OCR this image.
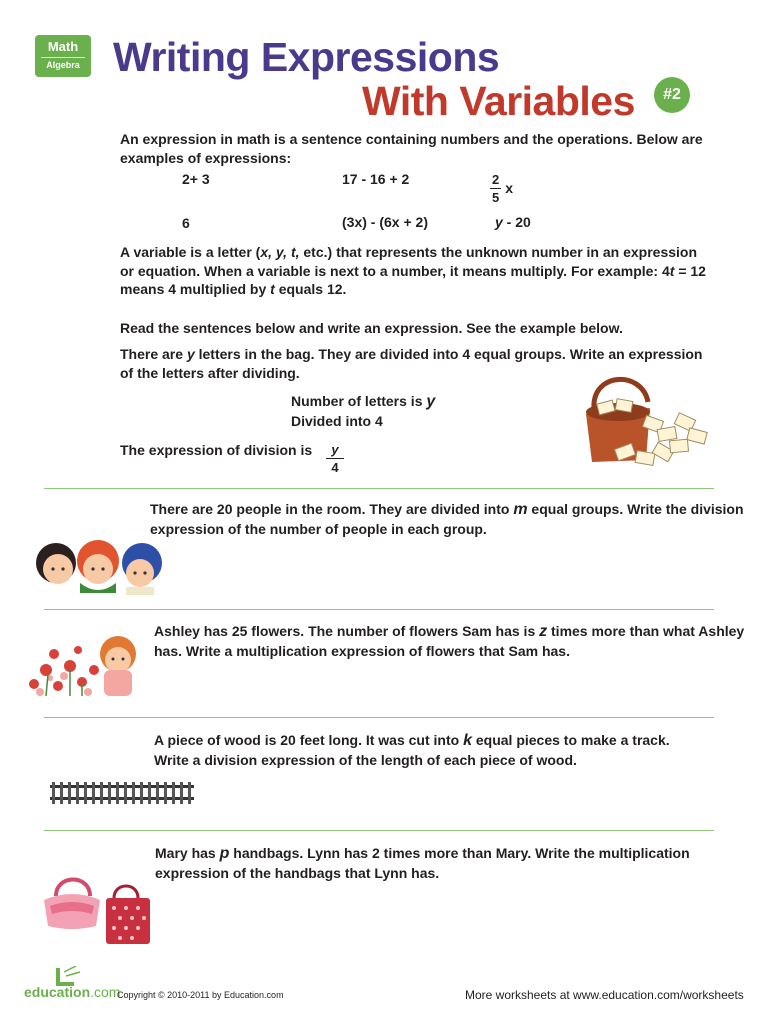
Math
Algebra Writing Expressions
With Variables	#2
An expression in math is a sentence containing numbers and the operations. Below are
examples of expressions:
2+ 3	17 - 16 + 2	$\frac{2}{5}$ x
6	(3x) - (6x + 2)	y - 20
A variable is a letter (x, y, t, etc.) that represents the unknown number in an expression
or equation. When a variable is next to a number, it means multiply. For example: 4t = 12
means 4 multiplied by t equals 12.
Read the sentences below and write an expression. See the example below.
There are y letters in the bag. They are divided into 4 equal groups. Write an expression
of the letters after dividing.
Number of letters is y
Divided into 4
The expression of division is $\frac{y}{4}$
There are 20 people in the room. They are divided into m equal groups. Write the division
expression of the number of people in each group.
Ashley has 25 flowers. The number of flowers Sam has is z times more than what Ashley
has. Write a multiplication expression of flowers that Sam has.
A piece of wood is 20 feet long. It was cut into k equal pieces to make a track.
Write a division expression of the length of each piece of wood.
Mary has p handbags. Lynn has 2 times more than Mary. Write the multiplication
expression of the handbags that Lynn has.
education.com
Copyright © 2010-2011 by Education.com	More worksheets at www.education.com/worksheets
